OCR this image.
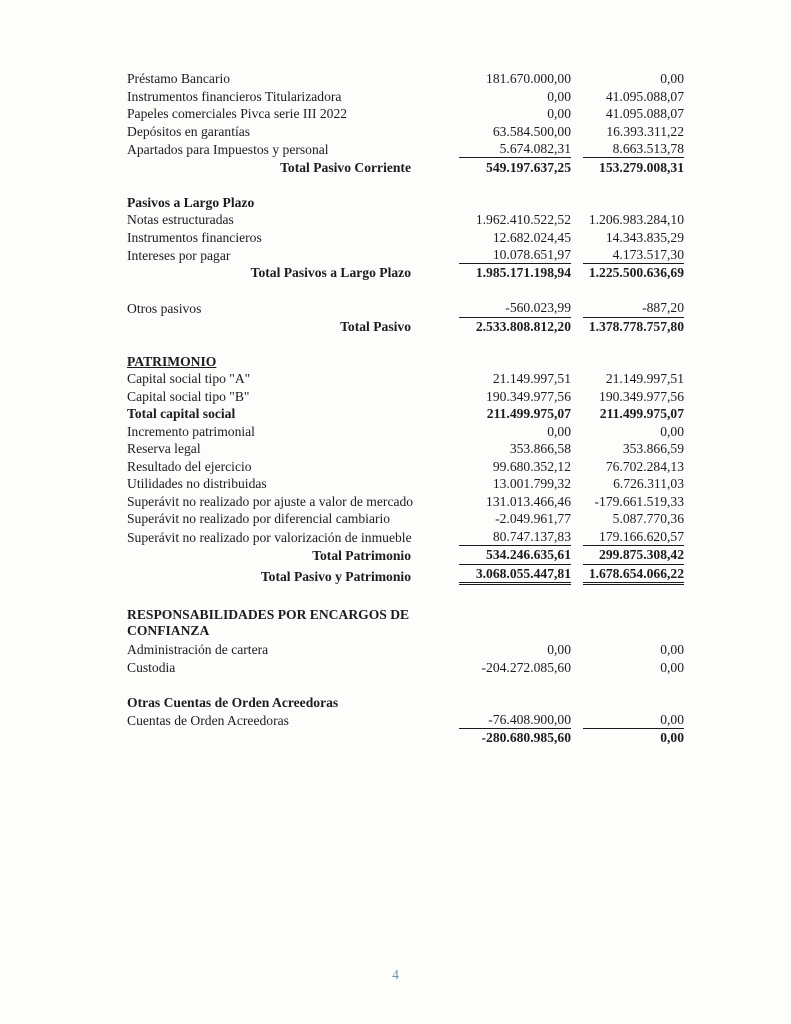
Préstamo Bancario	181.670.000,00	0,00
Instrumentos financieros Titularizadora	0,00	41.095.088,07
Papeles comerciales Pivca serie III 2022	0,00	41.095.088,07
Depósitos en garantías	63.584.500,00	16.393.311,22
Apartados para Impuestos y personal	5.674.082,31	8.663.513,78
Total Pasivo Corriente	549.197.637,25	153.279.008,31
Pasivos a Largo Plazo
Notas estructuradas	1.962.410.522,52	1.206.983.284,10
Instrumentos financieros	12.682.024,45	14.343.835,29
Intereses por pagar	10.078.651,97	4.173.517,30
Total Pasivos a Largo Plazo	1.985.171.198,94	1.225.500.636,69
Otros pasivos	-560.023,99	-887,20
Total Pasivo	2.533.808.812,20	1.378.778.757,80
PATRIMONIO
Capital social tipo "A"	21.149.997,51	21.149.997,51
Capital social tipo "B"	190.349.977,56	190.349.977,56
Total capital social	211.499.975,07	211.499.975,07
Incremento patrimonial	0,00	0,00
Reserva legal	353.866,58	353.866,59
Resultado del ejercicio	99.680.352,12	76.702.284,13
Utilidades no distribuidas	13.001.799,32	6.726.311,03
Superávit no realizado por ajuste a valor de mercado	131.013.466,46	-179.661.519,33
Superávit no realizado por diferencial cambiario	-2.049.961,77	5.087.770,36
Superávit no realizado por valorización de inmueble	80.747.137,83	179.166.620,57
Total Patrimonio	534.246.635,61	299.875.308,42
Total Pasivo y Patrimonio	3.068.055.447,81	1.678.654.066,22
RESPONSABILIDADES POR ENCARGOS DE CONFIANZA
Administración de cartera	0,00	0,00
Custodia	-204.272.085,60	0,00
Otras Cuentas de Orden Acreedoras
Cuentas de Orden Acreedoras	-76.408.900,00	0,00
-280.680.985,60	0,00
4
